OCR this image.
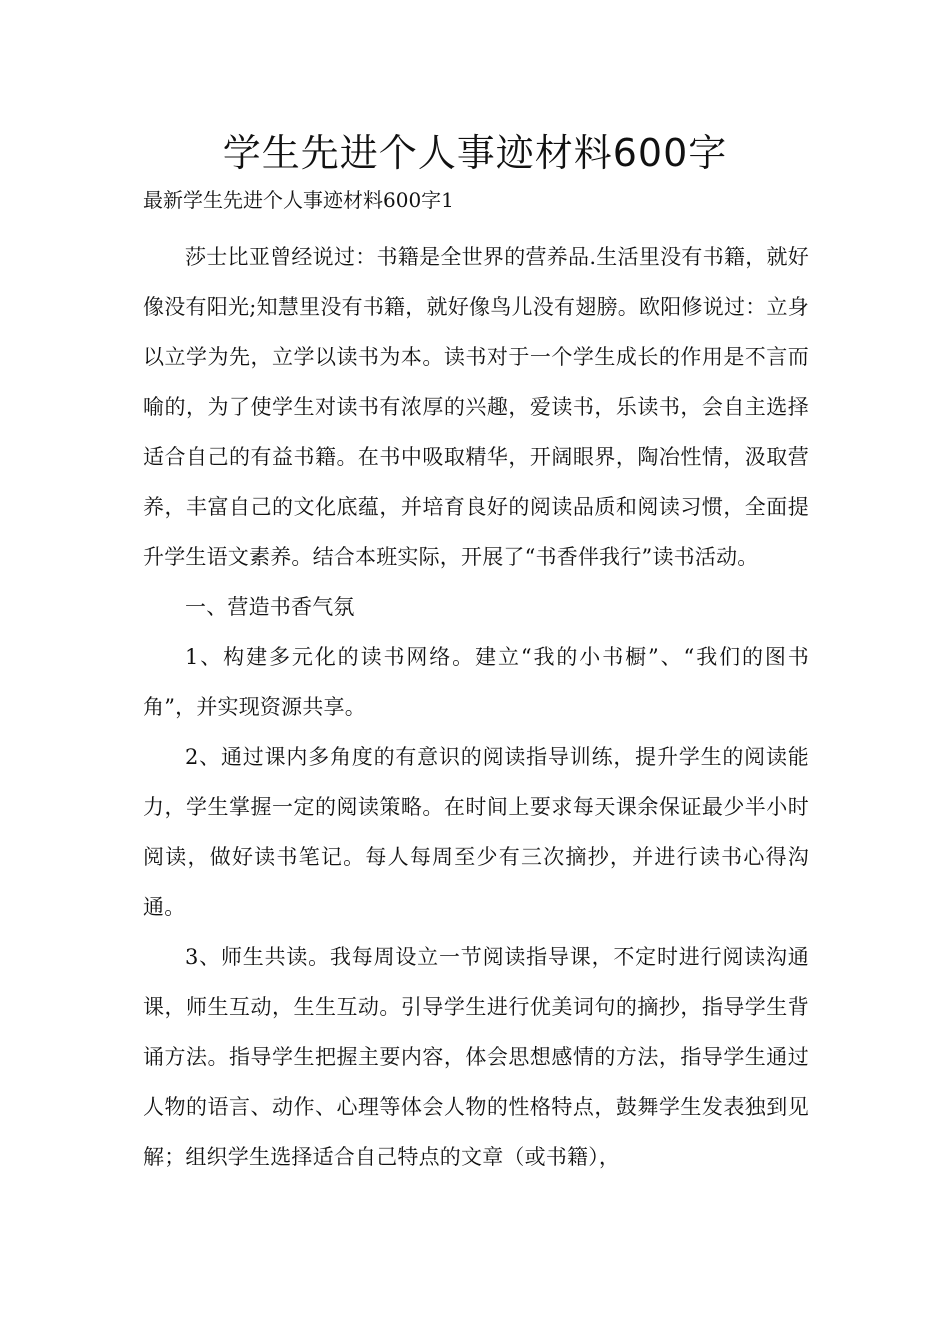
学生先进个人事迹材料600字
最新学生先进个人事迹材料600字1

莎士比亚曾经说过：书籍是全世界的营养品.生活里没有书籍，就好像没有阳光;知慧里没有书籍，就好像鸟儿没有翅膀。欧阳修说过：立身以立学为先，立学以读书为本。读书对于一个学生成长的作用是不言而喻的，为了使学生对读书有浓厚的兴趣，爱读书，乐读书，会自主选择适合自己的有益书籍。在书中吸取精华，开阔眼界，陶冶性情，汲取营养，丰富自己的文化底蕴，并培育良好的阅读品质和阅读习惯，全面提升学生语文素养。结合本班实际，开展了“书香伴我行”读书活动。

一、营造书香气氛

1、构建多元化的读书网络。建立“我的小书橱”、“我们的图书角”，并实现资源共享。

2、通过课内多角度的有意识的阅读指导训练，提升学生的阅读能力，学生掌握一定的阅读策略。在时间上要求每天课余保证最少半小时阅读，做好读书笔记。每人每周至少有三次摘抄，并进行读书心得沟通。

3、师生共读。我每周设立一节阅读指导课，不定时进行阅读沟通课，师生互动，生生互动。引导学生进行优美词句的摘抄，指导学生背诵方法。指导学生把握主要内容，体会思想感情的方法，指导学生通过人物的语言、动作、心理等体会人物的性格特点，鼓舞学生发表独到见解；组织学生选择适合自己特点的文章（或书籍），
